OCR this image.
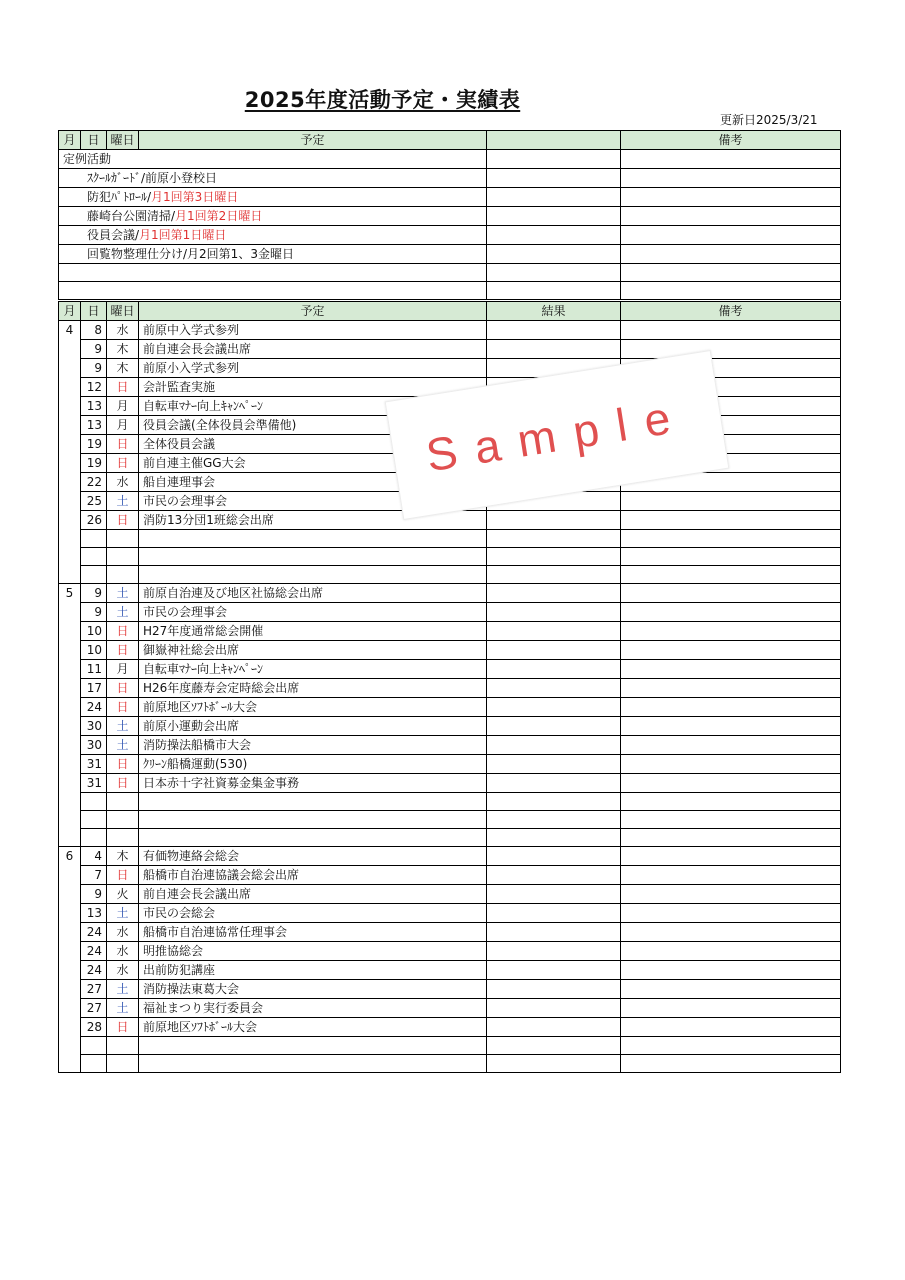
2025年度活動予定・実績表
更新日2025/3/21
月	日	曜日	予定		備考
定例活動					
ｽｸｰﾙｶﾞｰﾄﾞ/前原小登校日					
防犯ﾊﾟﾄﾛｰﾙ/月1回第3日曜日					
藤崎台公園清掃/月1回第2日曜日					
役員会議/月1回第1日曜日					
回覧物整理仕分け/月2回第1、3金曜日					

月	日	曜日	予定	結果	備考
4	8	水	前原中入学式参列		
	9	木	前自連会長会議出席		
	9	木	前原小入学式参列		
	12	日	会計監査実施		
	13	月	自転車ﾏﾅｰ向上ｷｬﾝﾍﾟｰﾝ		
	13	月	役員会議(全体役員会準備他)		
	19	日	全体役員会議		
	19	日	前自連主催GG大会		
	22	水	船自連理事会		
	25	土	市民の会理事会		
	26	日	消防13分団1班総会出席		

5	9	土	前原自治連及び地区社協総会出席		
	9	土	市民の会理事会		
	10	日	H27年度通常総会開催		
	10	日	御嶽神社総会出席		
	11	月	自転車ﾏﾅｰ向上ｷｬﾝﾍﾟｰﾝ		
	17	日	H26年度藤寿会定時総会出席		
	24	日	前原地区ｿﾌﾄﾎﾞｰﾙ大会		
	30	土	前原小運動会出席		
	30	土	消防操法船橋市大会		
	31	日	ｸﾘｰﾝ船橋運動(530)		
	31	日	日本赤十字社資募金集金事務		

6	4	木	有価物連絡会総会		
	7	日	船橋市自治連協議会総会出席		
	9	火	前自連会長会議出席		
	13	土	市民の会総会		
	24	水	船橋市自治連協常任理事会		
	24	水	明推協総会		
	24	水	出前防犯講座		
	27	土	消防操法東葛大会		
	27	土	福祉まつり実行委員会		
	28	日	前原地区ｿﾌﾄﾎﾞｰﾙ大会		

Sample
